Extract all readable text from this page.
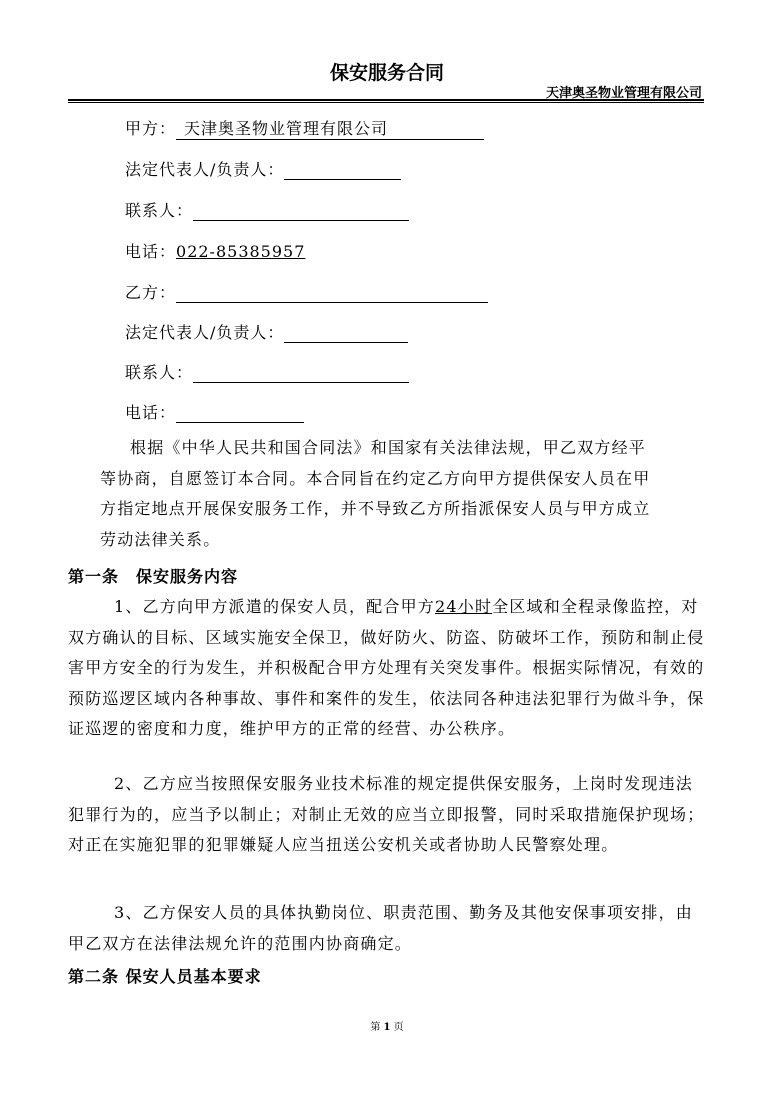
保安服务合同
天津奥圣物业管理有限公司
甲方： 天津奥圣物业管理有限公司
法定代表人/负责人：
联系人：
电话：022-85385957
乙方：
法定代表人/负责人：
联系人：
电话：
根据《中华人民共和国合同法》和国家有关法律法规，甲乙双方经平
等协商，自愿签订本合同。本合同旨在约定乙方向甲方提供保安人员在甲
方指定地点开展保安服务工作，并不导致乙方所指派保安人员与甲方成立
劳动法律关系。
第一条　保安服务内容

1、乙方向甲方派遣的保安人员，配合甲方24小时全区域和全程录像监控，对双方确认的目标、区域实施安全保卫，做好防火、防盗、防破坏工作，预防和制止侵害甲方安全的行为发生，并积极配合甲方处理有关突发事件。根据实际情况，有效的预防巡逻区域内各种事故、事件和案件的发生，依法同各种违法犯罪行为做斗争，保证巡逻的密度和力度，维护甲方的正常的经营、办公秩序。

2、乙方应当按照保安服务业技术标准的规定提供保安服务，上岗时发现违法犯罪行为的，应当予以制止；对制止无效的应当立即报警，同时采取措施保护现场；对正在实施犯罪的犯罪嫌疑人应当扭送公安机关或者协助人民警察处理。

3、乙方保安人员的具体执勤岗位、职责范围、勤务及其他安保事项安排，由甲乙双方在法律法规允许的范围内协商确定。

第二条 保安人员基本要求
第 1 页
